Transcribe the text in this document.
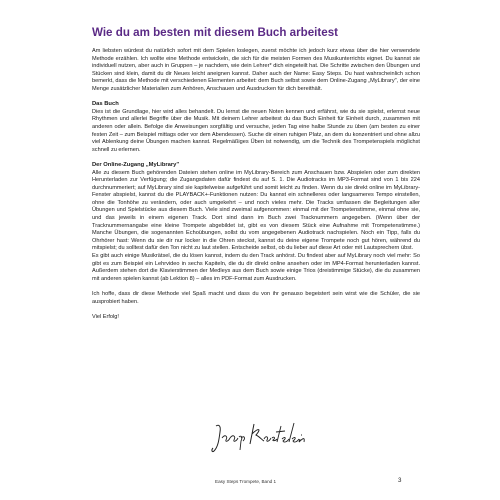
Wie du am besten mit diesem Buch arbeitest

Am liebsten würdest du natürlich sofort mit dem Spielen loslegen, zuerst möchte ich jedoch kurz etwas über die hier verwendete Methode erzählen. Ich wollte eine Methode entwickeln, die sich für die meisten Formen des Musikunterrichts eignet. Du kannst sie individuell nutzen, aber auch in Gruppen – je nachdem, wie dein Lehrer* dich eingeteilt hat. Die Schritte zwischen den Übungen und Stücken sind klein, damit du dir Neues leicht aneignen kannst. Daher auch der Name: Easy Steps. Du hast wahrscheinlich schon bemerkt, dass die Methode mit verschiedenen Elementen arbeitet: dem Buch selbst sowie dem Online-Zugang „MyLibrary", der eine Menge zusätzlicher Materialien zum Anhören, Anschauen und Ausdrucken für dich bereithält.

Das Buch

Dies ist die Grundlage, hier wird alles behandelt. Du lernst die neuen Noten kennen und erfährst, wie du sie spielst, erlernst neue Rhythmen und allerlei Begriffe über die Musik. Mit deinem Lehrer arbeitest du das Buch Einheit für Einheit durch, zusammen mit anderen oder allein. Befolge die Anweisungen sorgfältig und versuche, jeden Tag eine halbe Stunde zu üben (am besten zu einer festen Zeit – zum Beispiel mittags oder vor dem Abendessen). Suche dir einen ruhigen Platz, an dem du konzentriert und ohne allzu viel Ablenkung deine Übungen machen kannst. Regelmäßiges Üben ist notwendig, um die Technik des Trompetenspiels möglichst schnell zu erlernen.

Der Online-Zugang „MyLibrary"

Alle zu diesem Buch gehörenden Dateien stehen online im MyLibrary-Bereich zum Anschauen bzw. Abspielen oder zum direkten Herunterladen zur Verfügung; die Zugangsdaten dafür findest du auf S. 1. Die Audiotracks im MP3-Format sind von 1 bis 224 durchnummeriert; auf MyLibrary sind sie kapitelweise aufgeführt und somit leicht zu finden. Wenn du sie direkt online im MyLibrary-Fenster abspielst, kannst du die PLAYBACK+-Funktionen nutzen: Du kannst ein schnelleres oder langsameres Tempo einstellen, ohne die Tonhöhe zu verändern, oder auch umgekehrt – und noch vieles mehr. Die Tracks umfassen die Begleitungen aller Übungen und Spielstücke aus diesem Buch. Viele sind zweimal aufgenommen: einmal mit der Trompetenstimme, einmal ohne sie, und das jeweils in einem eigenen Track. Dort sind dann im Buch zwei Tracknummern angegeben. (Wenn über der Tracknummernangabe eine kleine Trompete abgebildet ist, gibt es von diesem Stück eine Aufnahme mit Trompetenstimme.) Manche Übungen, die sogenannten Echoübungen, sollst du vom angegebenen Audiotrack nachspielen. Noch ein Tipp, falls du Ohrhörer hast: Wenn du sie dir nur locker in die Ohren steckst, kannst du deine eigene Trompete noch gut hören, während du mitspielst; du solltest dafür den Ton nicht zu laut stellen. Entscheide selbst, ob du lieber auf diese Art oder mit Lautsprechern übst.

Es gibt auch einige Musikrätsel, die du lösen kannst, indem du den Track anhörst. Du findest aber auf MyLibrary noch viel mehr: So gibt es zum Beispiel ein Lehrvideo in sechs Kapiteln, die du dir direkt online ansehen oder im MP4-Format herunterladen kannst. Außerdem stehen dort die Klavierstimmen der Medleys aus dem Buch sowie einige Trios (dreistimmige Stücke), die du zusammen mit anderen spielen kannst (ab Lektion 8) – alles im PDF-Format zum Ausdrucken.

Ich hoffe, dass dir diese Methode viel Spaß macht und dass du von ihr genauso begeistert sein wirst wie die Schüler, die sie ausprobiert haben.

Viel Erfolg!

Easy Steps Trompete, Band 1	3
